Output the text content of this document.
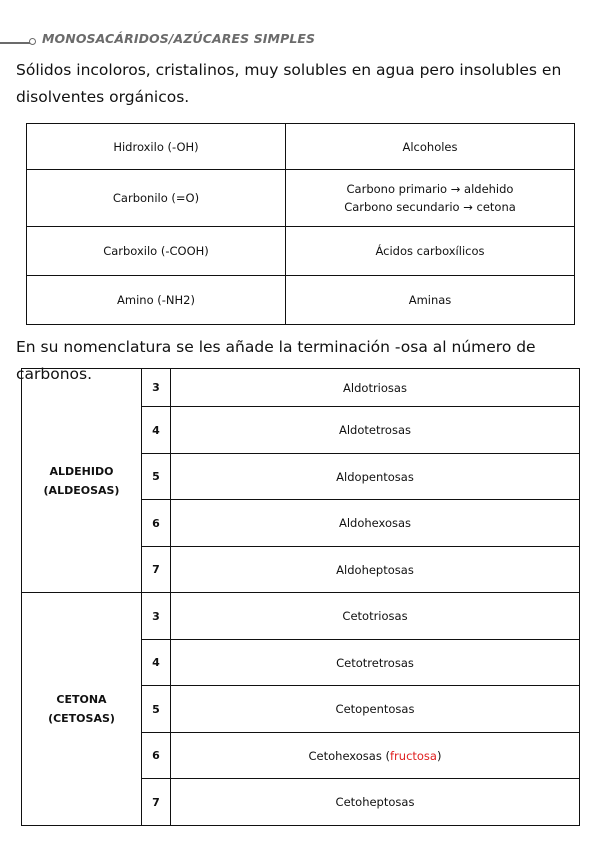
MONOSACÁRIDOS/AZÚCARES SIMPLES
Sólidos incoloros, cristalinos, muy solubles en agua pero insolubles en
disolventes orgánicos.
Hidroxilo (-OH)	Alcoholes
Carbonilo (=O)	Carbono primario → aldehido
Carbono secundario → cetona

Carboxilo (-COOH)	Ácidos carboxílicos
Amino (-NH2)	Aminas
En su nomenclatura se les añade la terminación -osa al número de carbonos.
ALDEHIDO
(ALDEOSAS)	3	Aldotriosas
	4	Aldotetrosas
	5	Aldopentosas
	6	Aldohexosas
	7	Aldoheptosas

CETONA
(CETOSAS)	3	Cetotriosas
	4	Cetotretrosas
	5	Cetopentosas
	6	Cetohexosas (fructosa)
	7	Cetoheptosas
